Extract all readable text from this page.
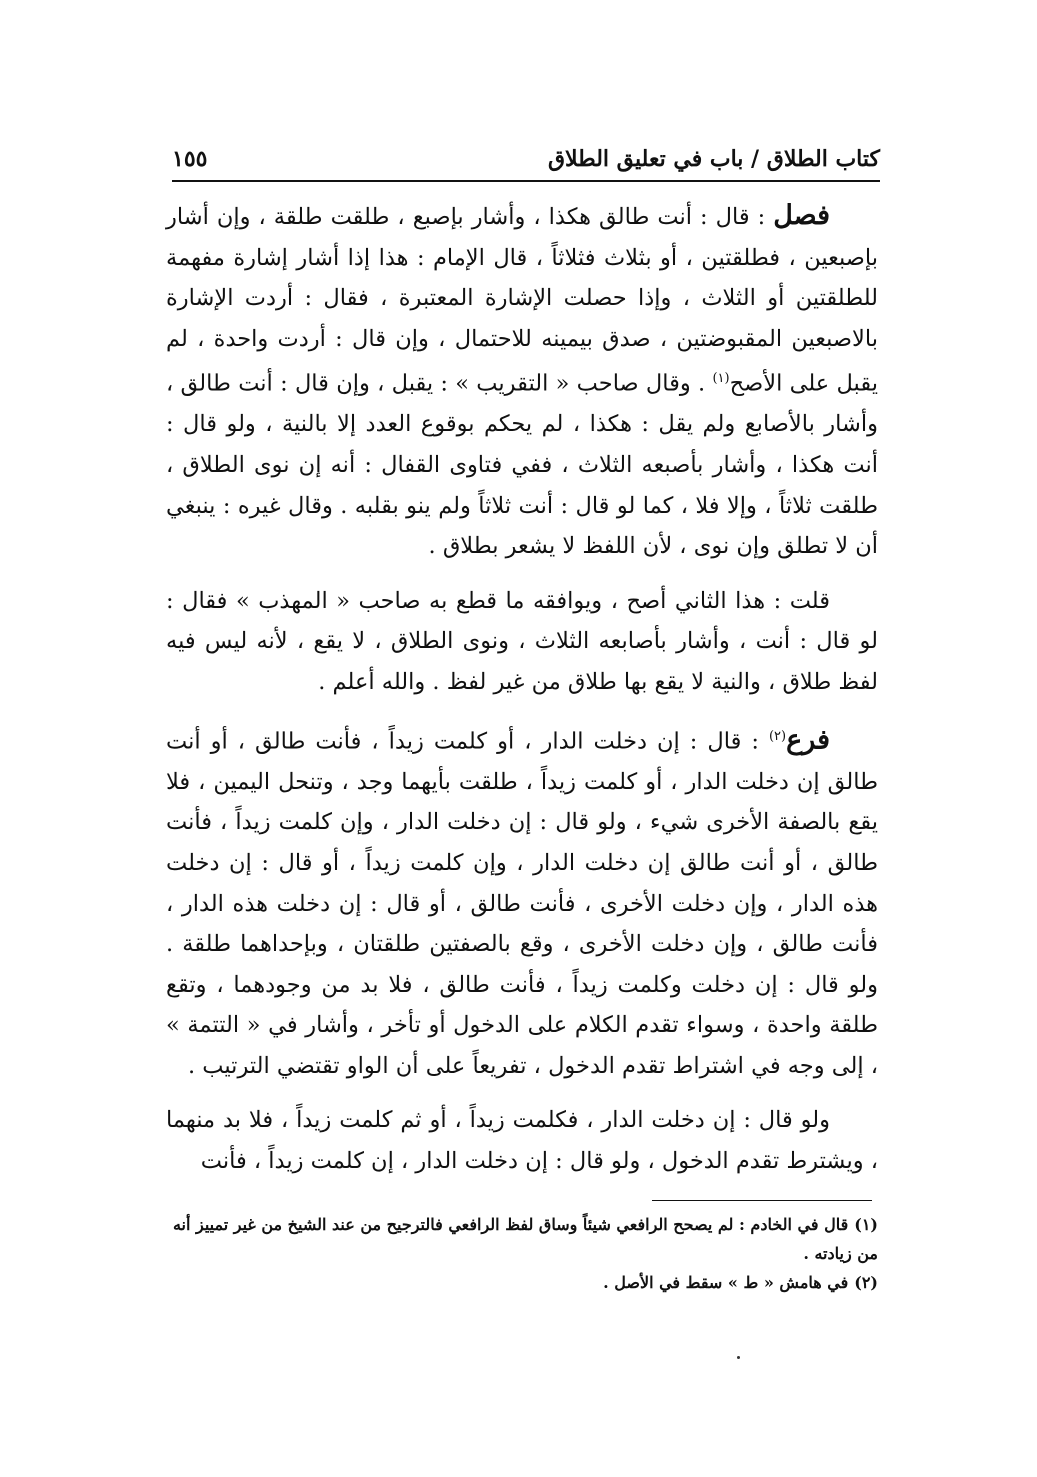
كتاب الطلاق / باب في تعليق الطلاق
١٥٥

فصل : قال : أنت طالق هكذا ، وأشار بإصبع ، طلقت طلقة ، وإن أشار بإصبعين ، فطلقتين ، أو بثلاث فثلاثاً ، قال الإمام : هذا إذا أشار إشارة مفهمة للطلقتين أو الثلاث ، وإذا حصلت الإشارة المعتبرة ، فقال : أردت الإشارة بالاصبعين المقبوضتين ، صدق بيمينه للاحتمال ، وإن قال : أردت واحدة ، لم يقبل على الأصح$^{(١)}$ . وقال صاحب « التقريب » : يقبل ، وإن قال : أنت طالق ، وأشار بالأصابع ولم يقل : هكذا ، لم يحكم بوقوع العدد إلا بالنية ، ولو قال : أنت هكذا ، وأشار بأصبعه الثلاث ، ففي فتاوى القفال : أنه إن نوى الطلاق ، طلقت ثلاثاً ، وإلا فلا ، كما لو قال : أنت ثلاثاً ولم ينو بقلبه . وقال غيره : ينبغي أن لا تطلق وإن نوى ، لأن اللفظ لا يشعر بطلاق .

قلت : هذا الثاني أصح ، ويوافقه ما قطع به صاحب « المهذب » فقال : لو قال : أنت ، وأشار بأصابعه الثلاث ، ونوى الطلاق ، لا يقع ، لأنه ليس فيه لفظ طلاق ، والنية لا يقع بها طلاق من غير لفظ . والله أعلم .

فرع$^{(٢)}$ : قال : إن دخلت الدار ، أو كلمت زيداً ، فأنت طالق ، أو أنت طالق إن دخلت الدار ، أو كلمت زيداً ، طلقت بأيهما وجد ، وتنحل اليمين ، فلا يقع بالصفة الأخرى شيء ، ولو قال : إن دخلت الدار ، وإن كلمت زيداً ، فأنت طالق ، أو أنت طالق إن دخلت الدار ، وإن كلمت زيداً ، أو قال : إن دخلت هذه الدار ، وإن دخلت الأخرى ، فأنت طالق ، أو قال : إن دخلت هذه الدار ، فأنت طالق ، وإن دخلت الأخرى ، وقع بالصفتين طلقتان ، وبإحداهما طلقة . ولو قال : إن دخلت وكلمت زيداً ، فأنت طالق ، فلا بد من وجودهما ، وتقع طلقة واحدة ، وسواء تقدم الكلام على الدخول أو تأخر ، وأشار في « التتمة » ، إلى وجه في اشتراط تقدم الدخول ، تفريعاً على أن الواو تقتضي الترتيب .

ولو قال : إن دخلت الدار ، فكلمت زيداً ، أو ثم كلمت زيداً ، فلا بد منهما ، ويشترط تقدم الدخول ، ولو قال : إن دخلت الدار ، إن كلمت زيداً ، فأنت

(١)قال في الخادم : لم يصحح الرافعي شيئاً وساق لفظ الرافعي فالترجيح من عند الشيخ من غير تمييز أنه من زيادته .
(٢)في هامش « ط » سقط في الأصل .
